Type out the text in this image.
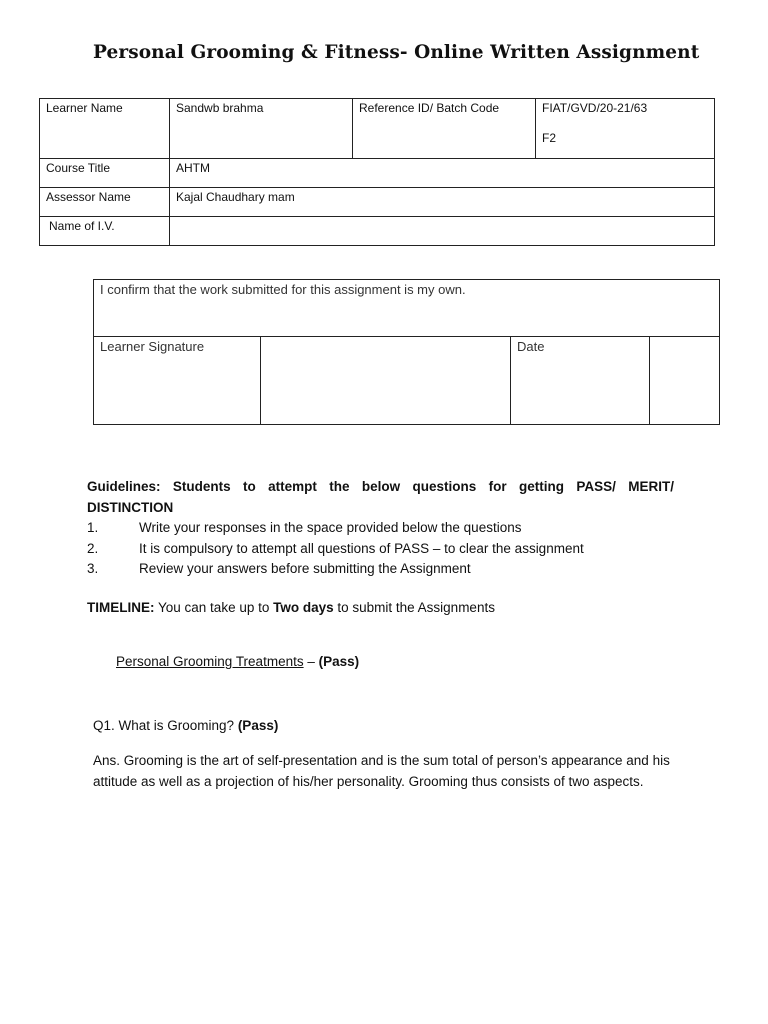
Personal Grooming & Fitness- Online Written Assignment
Learner Name	Sandwb brahma	Reference ID/ Batch Code	FIAT/GVD/20-21/63
F2

Course Title	AHTM		
Assessor Name	Kajal Chaudhary mam		
Name of I.V.			
I confirm that the work submitted for this assignment is my own.
Learner Signature		Date	
Guidelines: Students to attempt the below questions for getting PASS/ MERIT/
DISTINCTION
1.	Write your responses in the space provided below the questions
2.	It is compulsory to attempt all questions of PASS – to clear the assignment
3.	Review your answers before submitting the Assignment
TIMELINE: You can take up to Two days to submit the Assignments
Personal Grooming Treatments – (Pass)
Q1. What is Grooming? (Pass)
Ans. Grooming is the art of self-presentation and is the sum total of person’s appearance and his attitude as well as a projection of his/her personality. Grooming thus consists of two aspects.
